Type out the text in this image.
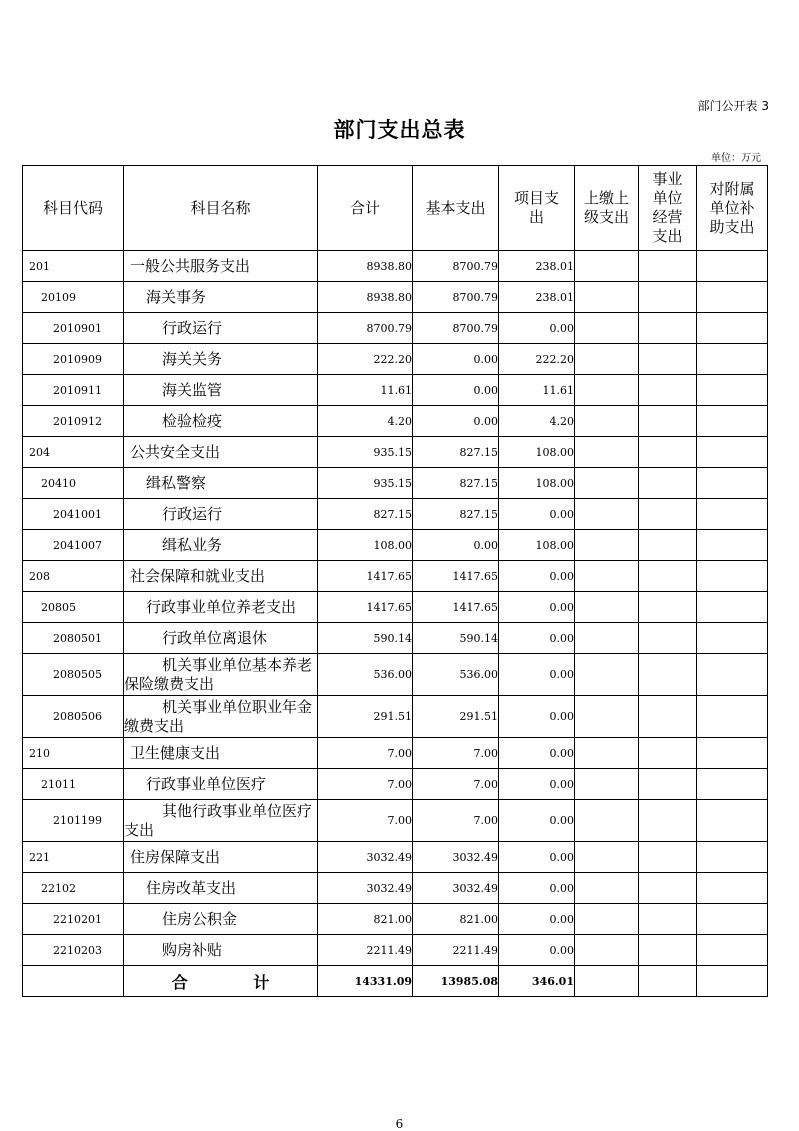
部门公开表 3
部门支出总表
单位：万元
科目代码	科目名称	合计	基本支出	项目支出	上缴上级支出	事业单位经营支出	对附属单位补助支出
201	一般公共服务支出	8938.80	8700.79	238.01			
20109	海关事务	8938.80	8700.79	238.01			
2010901	行政运行	8700.79	8700.79	0.00			
2010909	海关关务	222.20	0.00	222.20			
2010911	海关监管	11.61	0.00	11.61			
2010912	检验检疫	4.20	0.00	4.20			
204	公共安全支出	935.15	827.15	108.00			
20410	缉私警察	935.15	827.15	108.00			
2041001	行政运行	827.15	827.15	0.00			
2041007	缉私业务	108.00	0.00	108.00			
208	社会保障和就业支出	1417.65	1417.65	0.00			
20805	行政事业单位养老支出	1417.65	1417.65	0.00			
2080501	行政单位离退休	590.14	590.14	0.00			
2080505	机关事业单位基本养老保险缴费支出	536.00	536.00	0.00			
2080506	机关事业单位职业年金缴费支出	291.51	291.51	0.00			
210	卫生健康支出	7.00	7.00	0.00			
21011	行政事业单位医疗	7.00	7.00	0.00			
2101199	其他行政事业单位医疗支出	7.00	7.00	0.00			
221	住房保障支出	3032.49	3032.49	0.00			
22102	住房改革支出	3032.49	3032.49	0.00			
2210201	住房公积金	821.00	821.00	0.00			
2210203	购房补贴	2211.49	2211.49	0.00			
	合 计	14331.09	13985.08	346.01			
6
